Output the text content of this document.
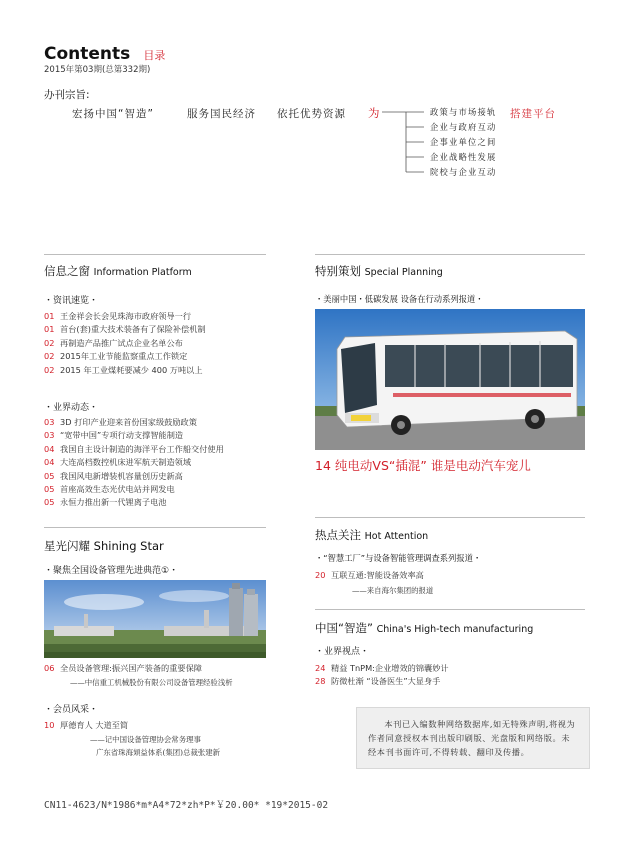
Contents 目录
2015年第03期(总第332期)
办刊宗旨:
宏扬中国“智造”	服务国民经济 依托优势资源 为	搭建平台
政策与市场接轨
企业与政府互动
企事业单位之间
企业战略性发展
院校与企业互动
信息之窗 Information Platform
・资讯速览・
01 王金祥会长会见珠海市政府领导一行
01 首台(套)重大技术装备有了保险补偿机制
02 再制造产品推广试点企业名单公布
02 2015年工业节能监察重点工作锁定
02 2015 年工业煤耗要减少 400 万吨以上
・业界动态・
03 3D 打印产业迎来首份国家级鼓励政策
03 “宽带中国”专项行动支撑智能制造
04 我国自主设计制造的海洋平台工作船交付使用
04 大连高档数控机床进军航天制造领域
05 我国风电新增装机容量创历史新高
05 首座高效生态光伏电站并网发电
05 永恒力推出新一代锂离子电池
星光闪耀 Shining Star
・聚焦全国设备管理先进典范①・
06 全员设备管理:振兴国产装备的重要保障
——中信重工机械股份有限公司设备管理经验浅析
・会员风采・
10 厚德育人 大道至简
——记中国设备管理协会常务理事
广东省珠海頍益体系(集团)总裁张建新
特别策划 Special Planning
・美丽中国・低碳发展 设备在行动系列报道・
14 纯电动VS“插混” 谁是电动汽车宠儿
热点关注 Hot Attention
・“智慧工厂”与设备智能管理调查系列报道・
20 互联互通:智能设备效率高
——来自海尔集团的报道
中国“智造” China's High-tech manufacturing
・业界视点・
24 精益 TnPM:企业增效的锦囊妙计
28 防微杜渐 “设备医生”大显身手
本刊已入编数种网络数据库,如无特殊声明,将视为作者同意授权本刊出版印刷版、光盘版和网络版。未经本刊书面许可,不得转载、翻印及传播。
CN11-4623/N*1986*m*A4*72*zh*P*￥20.00* *19*2015-02
